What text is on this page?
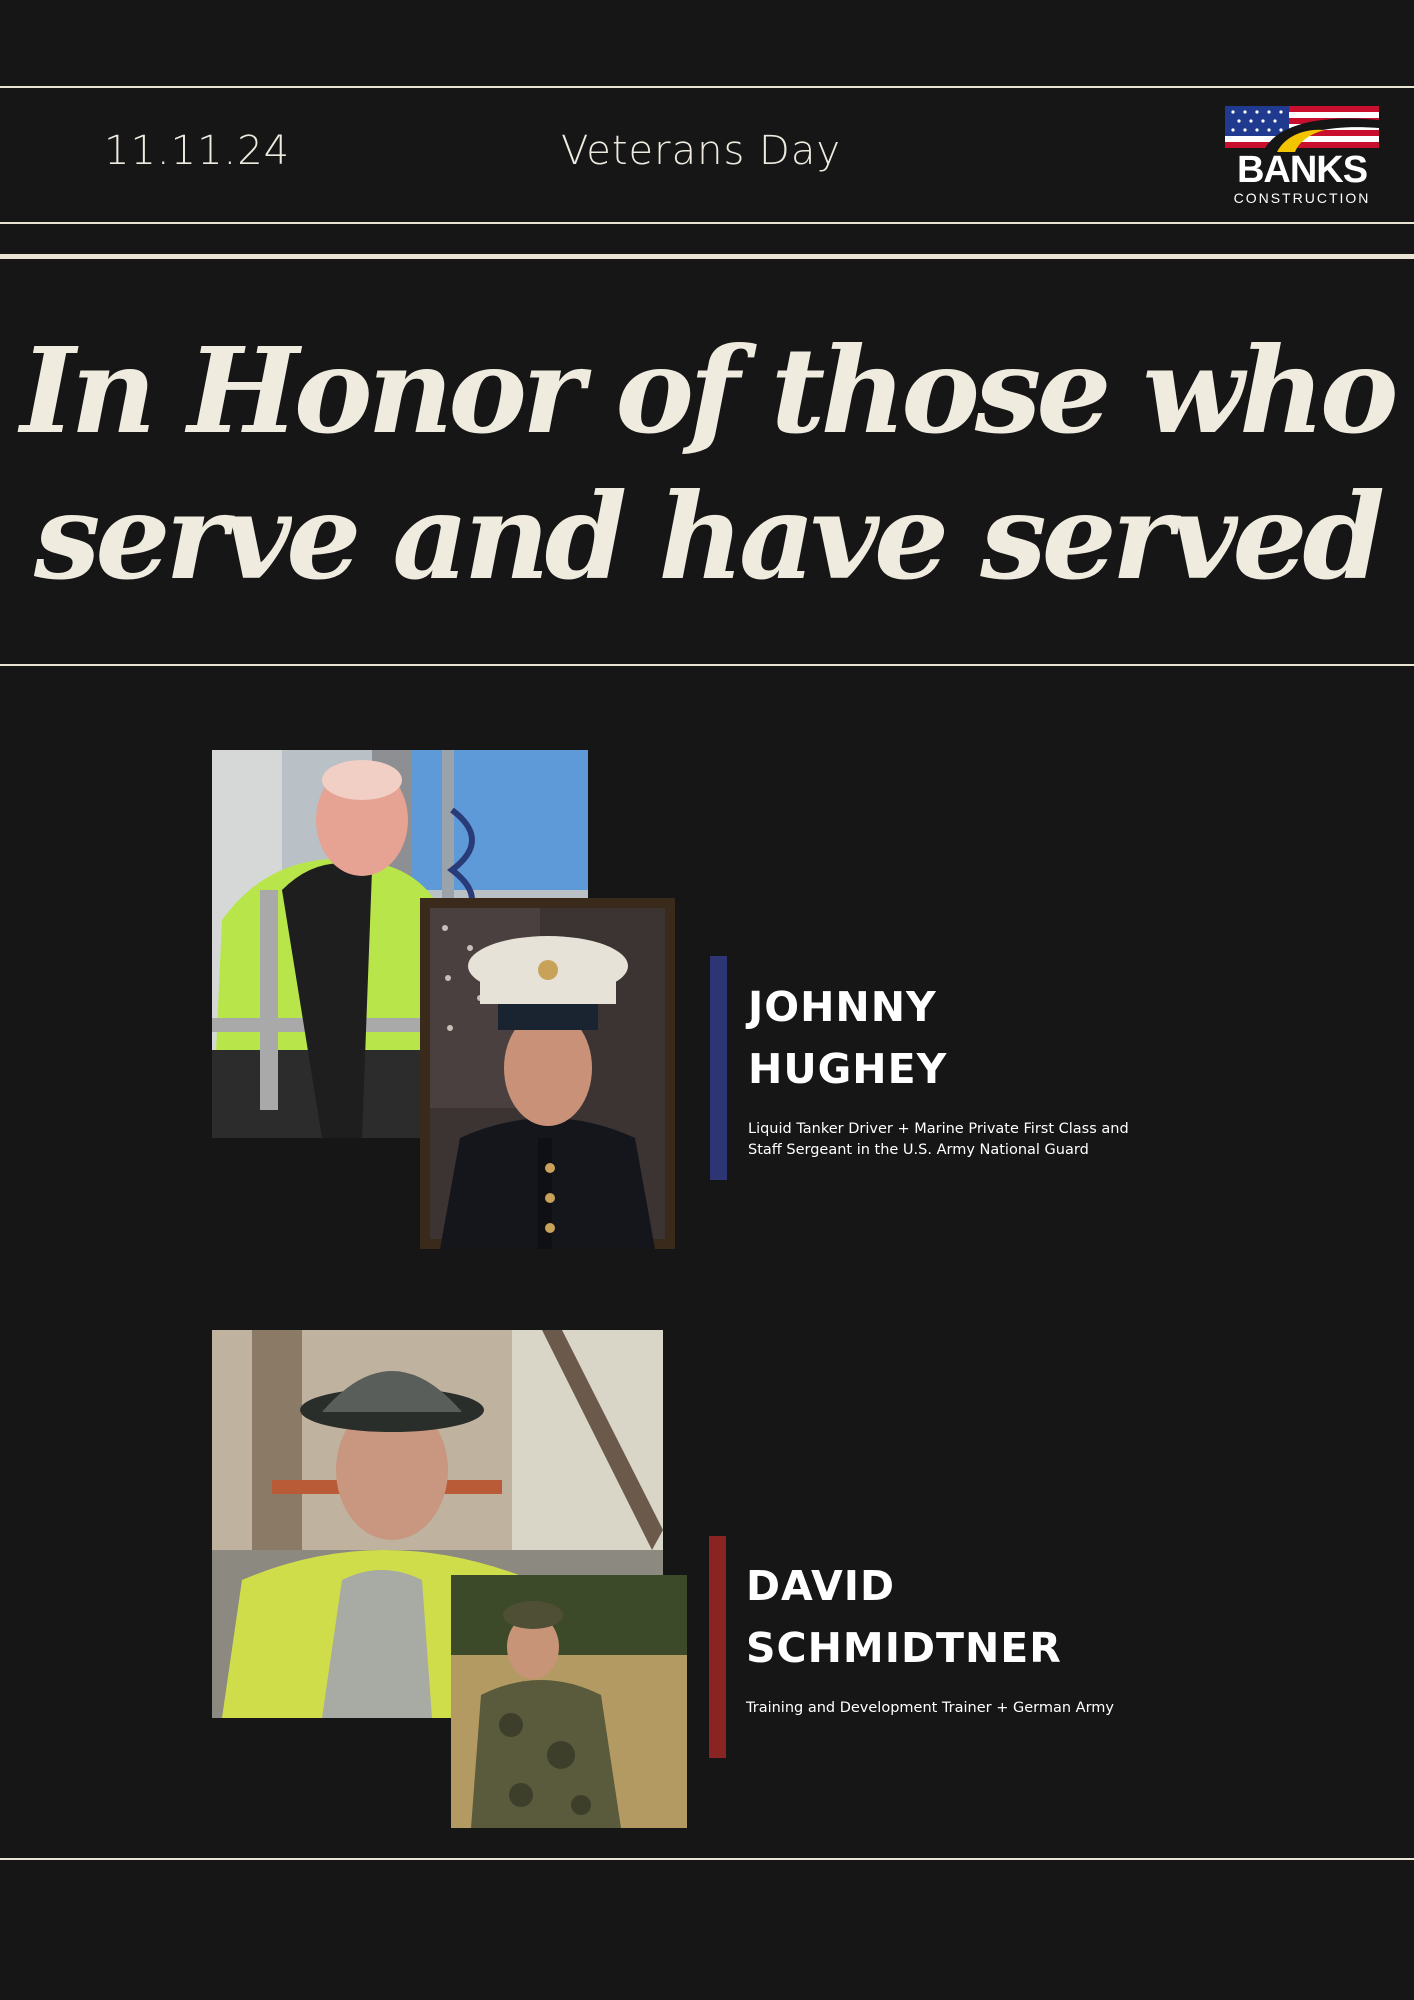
11.11.24	Veterans Day	BANKS
CONSTRUCTION
In Honor of those who
serve and have served
JOHNNY
HUGHEY
Liquid Tanker Driver + Marine Private First Class and
Staff Sergeant in the U.S. Army National Guard
DAVID
SCHMIDTNER
Training and Development Trainer + German Army
